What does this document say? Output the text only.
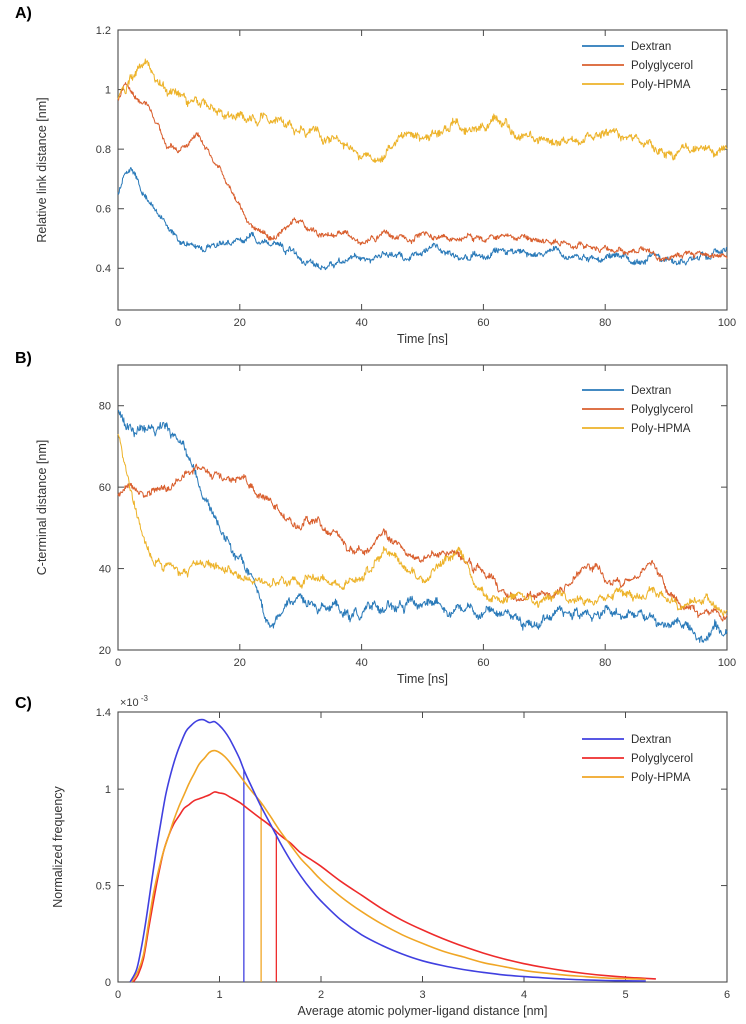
A)
B)
C)
0	20	40	60	80	100
0.4
0.6
0.8
1
1.2
Time [ns]
Relative link distance [nm]
Dextran
Polyglycerol
Poly-HPMA
0	20	40	60	80	100
20
40
60
80
Time [ns]
C-terminal distance [nm]
Dextran
Polyglycerol
Poly-HPMA
0	1	2	3	4	5	6
0
0.5
1
1.4
Average atomic polymer-ligand distance [nm]
Normalized frequency
×10 $^{-3}$
Dextran
Polyglycerol
Poly-HPMA
